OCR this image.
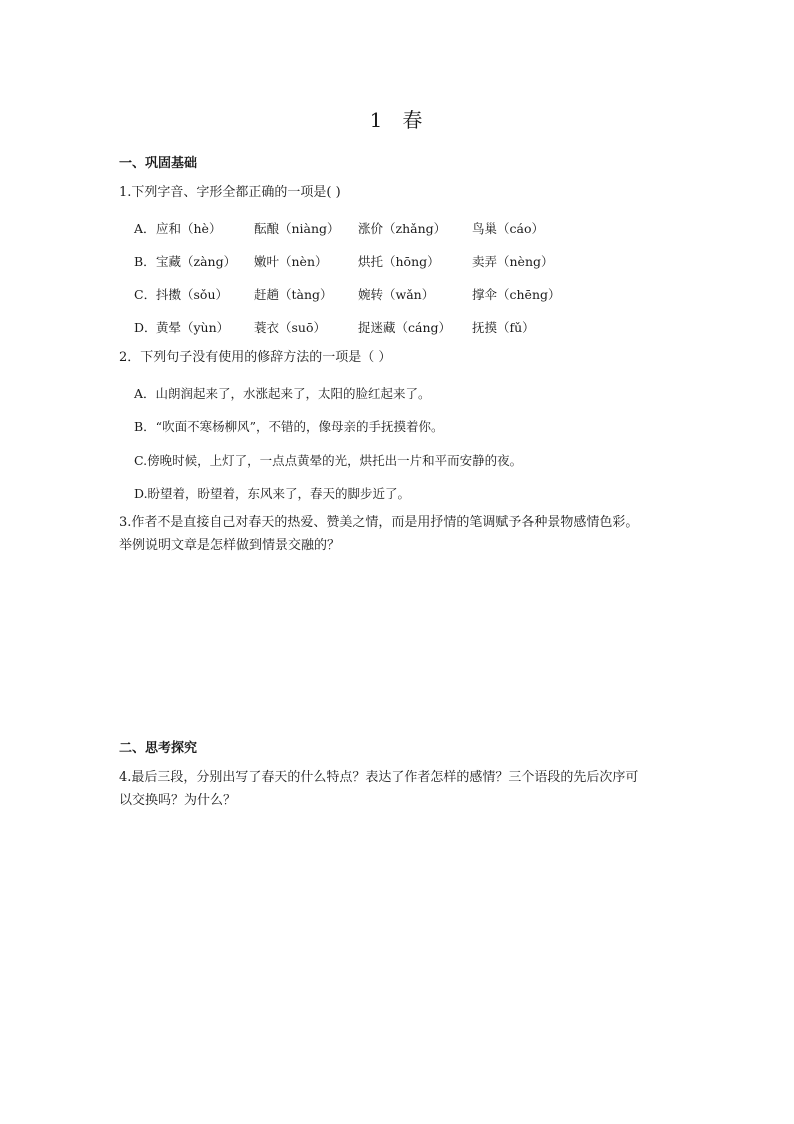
1 春
一、巩固基础
1.下列字音、字形全都正确的一项是( )
A． 应和（hè）	酝酿（niàng） 涨价（zhǎng） 鸟巢（cáo）
B． 宝藏（zàng） 嫩叶（nèn） 烘托（hōng）	卖弄（nèng）
C． 抖擞（sǒu） 赶趟（tàng） 婉转（wǎn）	撑伞（chēng）
D． 黄晕（yùn） 蓑衣（suō）	捉迷藏（cáng） 抚摸（fǔ）
2．下列句子没有使用的修辞方法的一项是（ ）
A．山朗润起来了，水涨起来了，太阳的脸红起来了。
B．“吹面不寒杨柳风”，不错的，像母亲的手抚摸着你。
C.傍晚时候，上灯了，一点点黄晕的光，烘托出一片和平而安静的夜。
D.盼望着，盼望着，东风来了，春天的脚步近了。
3.作者不是直接自己对春天的热爱、赞美之情，而是用抒情的笔调赋予各种景物感情色彩。
举例说明文章是怎样做到情景交融的？
二、思考探究
4.最后三段，分别出写了春天的什么特点？表达了作者怎样的感情？三个语段的先后次序可
以交换吗？为什么？
